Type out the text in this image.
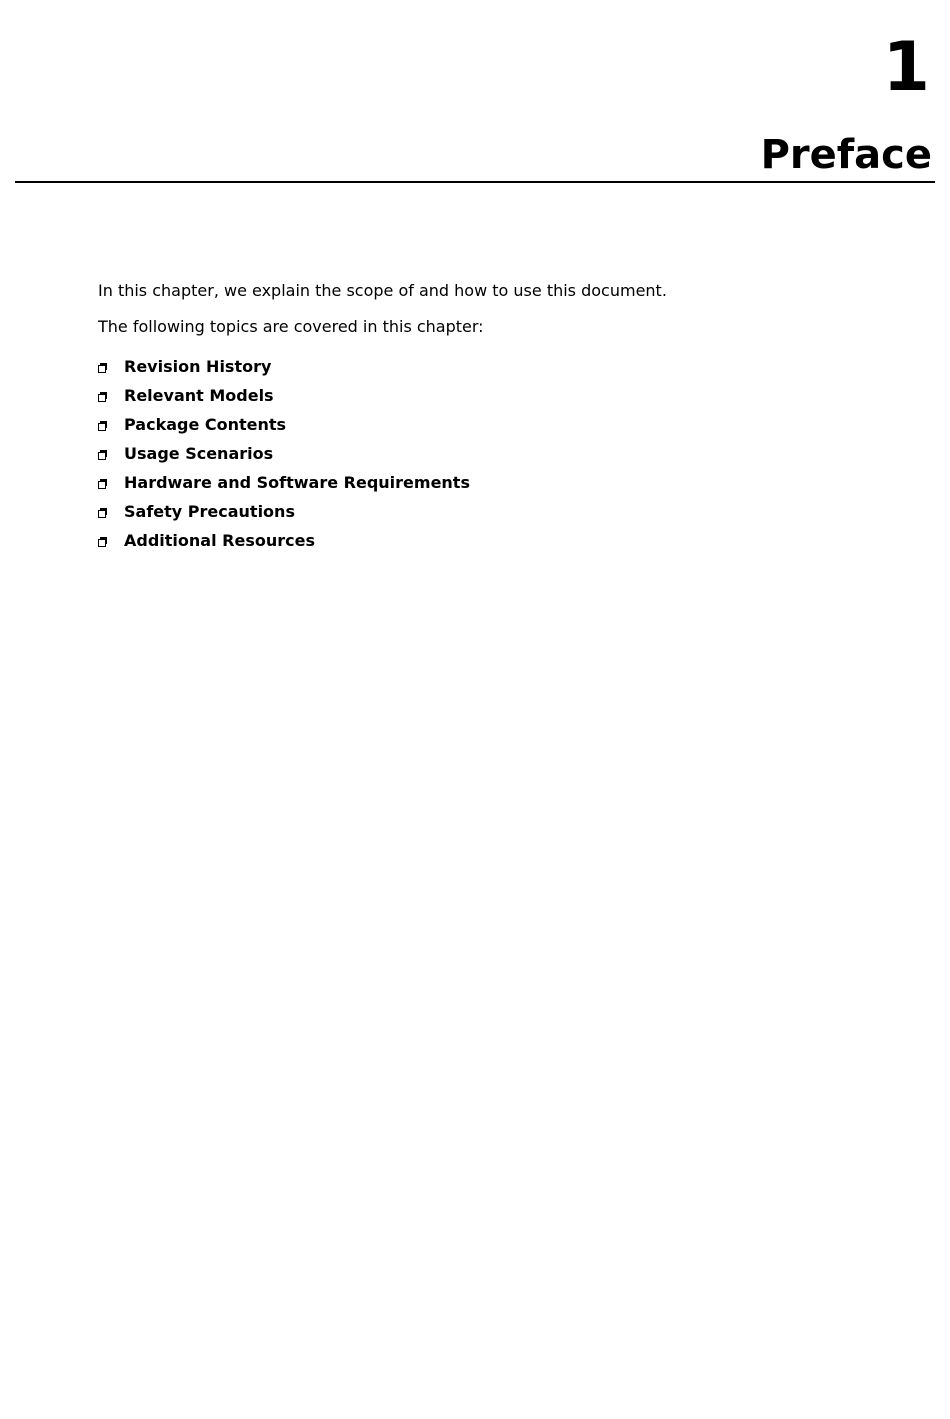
1
Preface

In this chapter, we explain the scope of and how to use this document.

The following topics are covered in this chapter:

Revision History
Relevant Models
Package Contents
Usage Scenarios
Hardware and Software Requirements
Safety Precautions
Additional Resources
